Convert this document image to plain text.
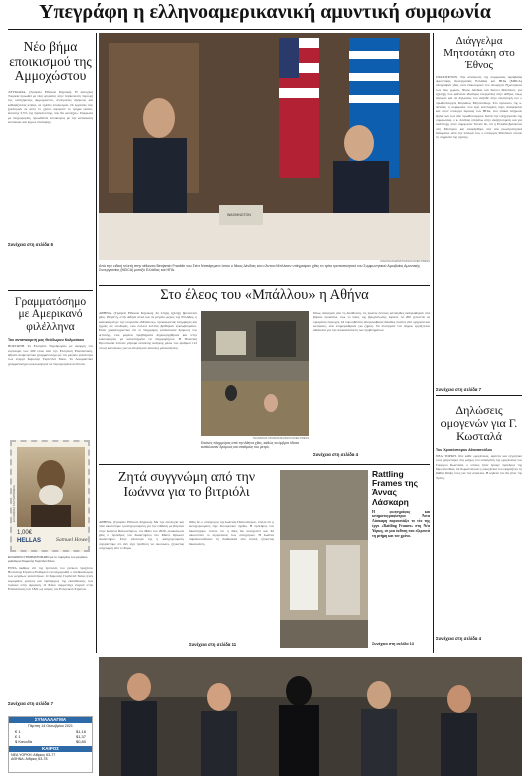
Υπεγράφη η ελληνοαμερικανική αμυντική συμφωνία
Νέο βήμα εποικισμού της Αμμοχώστου
ΛΕΥΚΩΣΙΑ. (Γραφείο Εθνικού Κήρυκα). Η κατοχική Τουρκία προωθεί με νέες εργασίες στην περίκλειστη περιοχή της κατεχόμενης Αμμοχώστου, ανοίγοντας δρόμους και καθαρίζοντας κτίρια, σε σχέδιο εποικισμού. Οι εργασίες που ξεκίνησαν σε αυτό το χρόνο αφορούν το τμήμα εκείνο, έκτασης 3,5% της περίκλειστης, που θα «ανοίξει». Σύμφωνα με πληροφορίες, προωθείται εποικισμός με την κατασκευή κατοικιών και έργων υποδομής.
Συνέχεια στη σελίδα 6
Γραμματόσημο με Αμερικανό φιλέλληνα
Του ανταποκριτή μας Θεόδωρου Καλμούκου
ΒΟΣΤΩΝΗ. Το Ελληνικό Ταχυδρομείο με αφορμή τον εορτασμό των 200 ετών από την Ελληνική Επανάσταση, έβγαλε αναμνηστικό γραμματόσημο με τον μεγάλο φιλέλληνα των ενεργό Σαμουήλ Γκρίντλεϊ Χάου. Το Δοκιμαστικό γραμματόσημο κυκλοφόρησε σε περιορισμένα αντίτυπα.
1,00€
HELLAS	Samuel Howe
ΕΛΛΗΝΙΚΑ ΤΑΧΥΔΡΟΜΕΙΑ
ΕΛΛΗΝΙΚΟ ΓΡΑΜΜΑΤΟΣΗΜΟ με το πορτρέτο του μεγάλου φιλέλληνα Σαμουήλ Γκρίντλεϊ Χάου.
ΕΝΤΑ δώθηκε επί της πρόταση του γενικού προξένου Βοστώνης Στράτου Ευθυμίου να ενημερωθεί ο συνδικαλισμός των μεγάλων φιλελλήνων. Ο Σαμουήλ Γκρίντλεϊ Χάου ήταν κορυφαίος γιατρός και πρόδρομος της εκπαίδευσης των τυφλών στην Αμερική. Ο Χάου συμμετείχε ενεργά στην Επανάσταση του 1821 ως ιατρός του Ελληνικού Στρατού.
Συνέχεια στη σελίδα 7
ΣΥΝΑΛΛΑΓΜΑ
Πέμπτη 14 Οκτωβρίου 2021
€ 1	$1,16
£ 1	$1,37
$ Καναδά	$0,80
ΚΑΙΡΟΣ
ΝΕΑ ΥΟΡΚΗ: Αίθριος 63-77
ΑΘΗΝΑ: Αίθριος 63-78
WASHINGTON
JONATHAN ERNST/ASSOCIATED PRESS
Από την ειδική τελετή στην αίθουσα Benjamin Franklin του Στέιτ Ντιπάρτμεντ όπου ο Νίκος Δένδιας και ο Άντονι Μπλίνκεν υπέγραψαν χθες το τρίτο τροποποιητικό του Συμφωνητικού Αμοιβαίας Αμυντικής Συνεργασίας (MDCA) μεταξύ Ελλάδας και ΗΠΑ.
Διάγγελμα Μητσοτάκη στο Έθνος
ΟΥΑΣΙΓΚΤΟΝ. Την ανανέωση της συμφωνίας Αμοιβαίας Αμυντικής Συνεργασίας Ελλάδας και ΗΠΑ (MDCA) υπέγραψαν χθες στον Οικονομικό του υπουργού Εξωτερικών των δύο χωρών, Νίκος Δένδιας και Άντονι Μπλίνκεν, για εξέλιξη που φαίνεται ιδιαίτερα ευεργετική στην Αθήνα, όπως δήλωσε και σε δηλώσεις του ανήλθε στην επιστροφή του ο πρωθυπουργός Κυριάκος Μητσοτάκης. Στο πρόσωπο της κ. Δένδια, η συμφωνία, που έχει εκτεταμένη ισχύ, αναφέρεται και στον υπουργό Άμυνας των ΗΠΑ, που ειδικά πλήρωσε ψηλά και των δύο πρωθυπουργών. Κατά την επεξεργασία της συμφωνίας, ο κ. Δένδιας υπεράνω στην αναζητούμενη και για ανάπτυξη στην συμφωνία. Τόνισε δε, ότι η Ελλάδα βρίσκεται στη Μεσόγειο και αναφέρθηκε στα νέα γεωστρατηγικά δεδομένα. Από την πλευρά του, ο υπουργός Μπλίνκεν τόνισε τη σημασία της σχέσης.
Συνέχεια στη σελίδα 7
Δηλώσεις ομογενών για Γ. Κωσταλά
Του Χρυσόστομου Αθανασούλου
ΝΕΑ ΥΟΡΚΗ. Στα κάθε ομογένειας, αφόντα και εγγυητικό τους χαιρετισμό στη μνήμη του ευπατρίδη της ομογένειας του Γιώργου Κωσταλά, ο οποίος ήταν πρώην πρόεδρος της Ομοσπονδίας. Οι Σωματεία και η οικογένεια του εκφράζουν τη βαθιά θλίψη τους για την απώλεια. Η κηδεία του θα γίνει την Τρίτη.
Συνέχεια στη σελίδα 4
Στο έλεος του «Μπάλλου» η Αθήνα
ΑΘΗΝΑ. (Γραφείο Εθνικού Κήρυκα). Σε πλήρη εξέλιξη βρισκόταν χθες, Πέμπτη, στην Αθήνα αλλά και σε μεγάλο μέρος της Ελλάδας, η κακοκαιρία με την ονομασία «Μπάλλος», προκαλώντας πλημμύρες και ζημιές σε υποδομές, ενώ πολλοί πολίτες βρέθηκαν εγκλωβισμένοι. Είναι χαρακτηριστικό ότι οι πλημμύρες κατέκλυσαν δρόμους του Αττικής, ενώ μεγάλα προβλήματα δημιουργήθηκαν και στην κυκλοφορία, με καταστήματα να πλημμυρίζουν. Η Πολιτική Προστασία έστειλε μήνυμα έκτακτης ανάγκης μέσω του αριθμού 112 στους κατοίκους για να αποφύγουν άσκοπες μετακινήσεις.
THANASSIS STAVRAKIS/ASSOCIATED PRESS
Εικόνες πλημμύρας από την Αθήνα χθες, καθώς τα όμβρια ύδατα κατέκλυσαν δρόμους και σταθμούς του μετρό.
Όπως ανέφεραν από τη Διεύθυνση, τις πρώτες έντονες καταιγίδες εκδηλώθηκαν στα βόρεια προάστια, ενώ το ύψος της βροχόπτωσης έφτασε τα 200 χιλιοστά σε ορισμένες περιοχές. Οι πυροσβέστες απεγκλώβισαν δεκάδες πολίτες από οχήματα και κατοικίες, ενώ ενημερώθηκαν για ζημιές. Τα συνεργεία του Δήμου εργάζονται αδιάκοπα για την αποκατάσταση των προβλημάτων.
Συνέχεια στη σελίδα 4
Ζητά συγγνώμη από την Ιωάννα για το βιτριόλι
ΑΘΗΝΑ. (Γραφείο Εθνικού Κήρυκα). Με την απολογία και πάλι ακούστηκε η κατηγορουμένη για την επίθεση με βιτριόλι στην Ιωάννα Παλιοσπύρου, τον Μάιο του 2020, ανακοίνωσε χθες ο πρόεδρος του δικαστηρίου στο Μικτό Ορκωτό Δικαστήριο. Στην απολογία της η κατηγορουμένη ισχυρίστηκε ότι δεν είχε πρόθεση να σκοτώσει, ζητώντας συγγνώμη από το θύμα.
Χθες δε, ο συνήγορος της Ιωάννας Παλιοσπύρου, τόνισε ότι η κατηγορουμένη είχε δολοφονικό σχέδιο. Η πρόεδρος του δικαστηρίου τόνισε ότι η δίκη θα συνεχιστεί και θα ακουστούν οι αγορεύσεις των συνηγόρων. Η Ιωάννα παρακολουθούσε τη διαδικασία από κοντά, ζητώντας δικαιοσύνη.
Συνέχεια στη σελίδα 11
Rattling Frames της Άννας Λάσκαρη
Η φωτογράφος και κινηματογραφίστρια Άννα Λάσκαρη παρουσιάζει το νέο της έργο «Rattling Frames» στη Νέα Υόρκη, σε μια έκθεση που εξερευνά τη μνήμη και τον χρόνο.
Συνέχεια στη σελίδα 13
